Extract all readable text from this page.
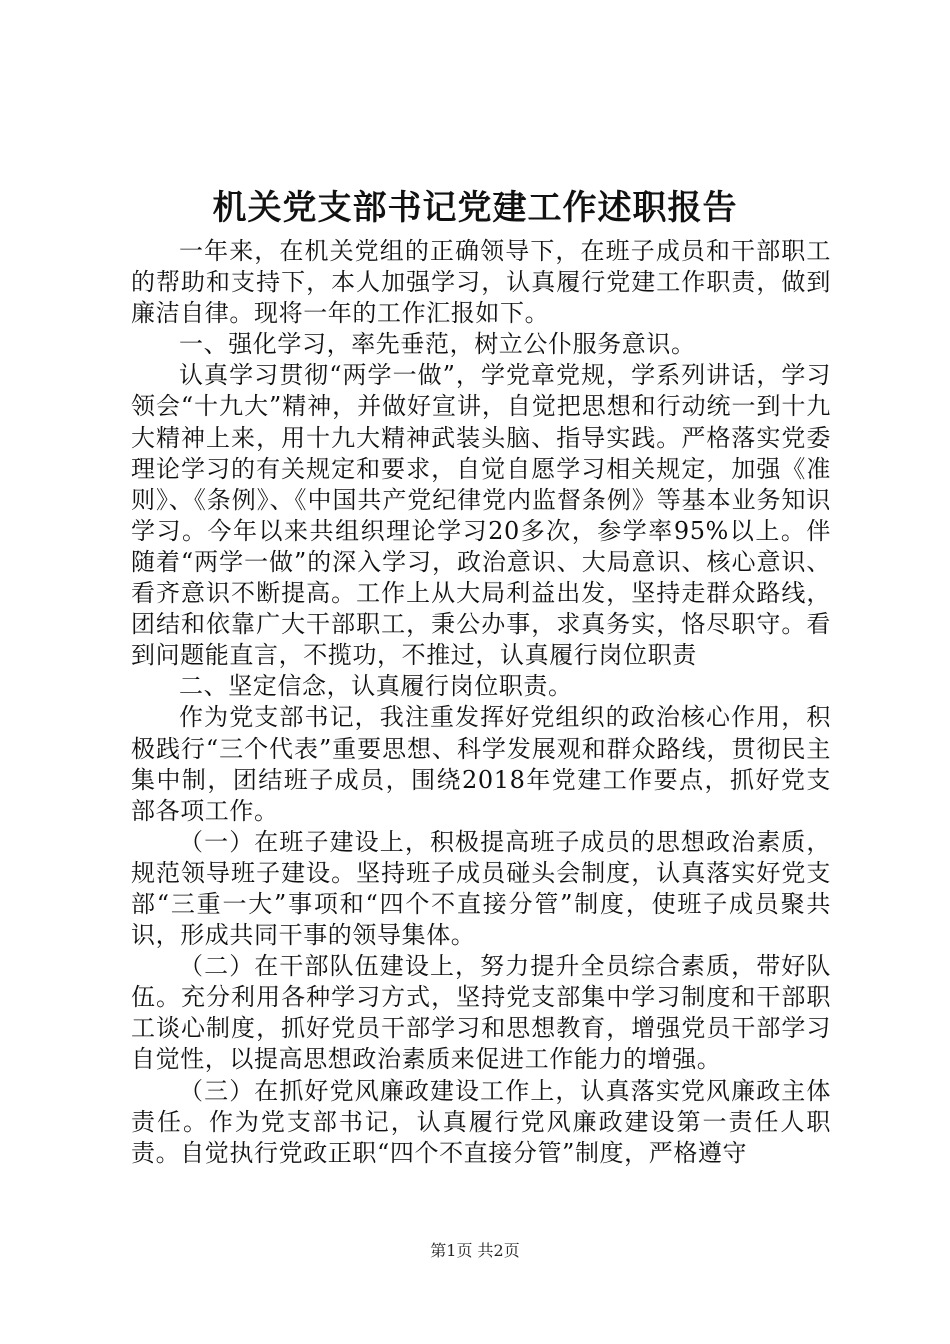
机关党支部书记党建工作述职报告

一年来，在机关党组的正确领导下，在班子成员和干部职工的帮助和支持下，本人加强学习，认真履行党建工作职责，做到廉洁自律。现将一年的工作汇报如下。

一、强化学习，率先垂范，树立公仆服务意识。

认真学习贯彻“两学一做”，学党章党规，学系列讲话，学习领会“十九大”精神，并做好宣讲，自觉把思想和行动统一到十九大精神上来，用十九大精神武装头脑、指导实践。严格落实党委理论学习的有关规定和要求，自觉自愿学习相关规定，加强《准则》、《条例》、《中国共产党纪律党内监督条例》等基本业务知识学习。今年以来共组织理论学习20多次，参学率95%以上。伴随着“两学一做”的深入学习，政治意识、大局意识、核心意识、看齐意识不断提高。工作上从大局利益出发，坚持走群众路线，团结和依靠广大干部职工，秉公办事，求真务实，恪尽职守。看到问题能直言，不揽功，不推过，认真履行岗位职责

二、坚定信念，认真履行岗位职责。

作为党支部书记，我注重发挥好党组织的政治核心作用，积极践行“三个代表”重要思想、科学发展观和群众路线，贯彻民主集中制，团结班子成员，围绕2018年党建工作要点，抓好党支部各项工作。

（一）在班子建设上，积极提高班子成员的思想政治素质，规范领导班子建设。坚持班子成员碰头会制度，认真落实好党支部“三重一大”事项和“四个不直接分管”制度，使班子成员聚共识，形成共同干事的领导集体。

（二）在干部队伍建设上，努力提升全员综合素质，带好队伍。充分利用各种学习方式，坚持党支部集中学习制度和干部职工谈心制度，抓好党员干部学习和思想教育，增强党员干部学习自觉性，以提高思想政治素质来促进工作能力的增强。

（三）在抓好党风廉政建设工作上，认真落实党风廉政主体责任。作为党支部书记，认真履行党风廉政建设第一责任人职责。自觉执行党政正职“四个不直接分管”制度，严格遵守

第1页 共2页
